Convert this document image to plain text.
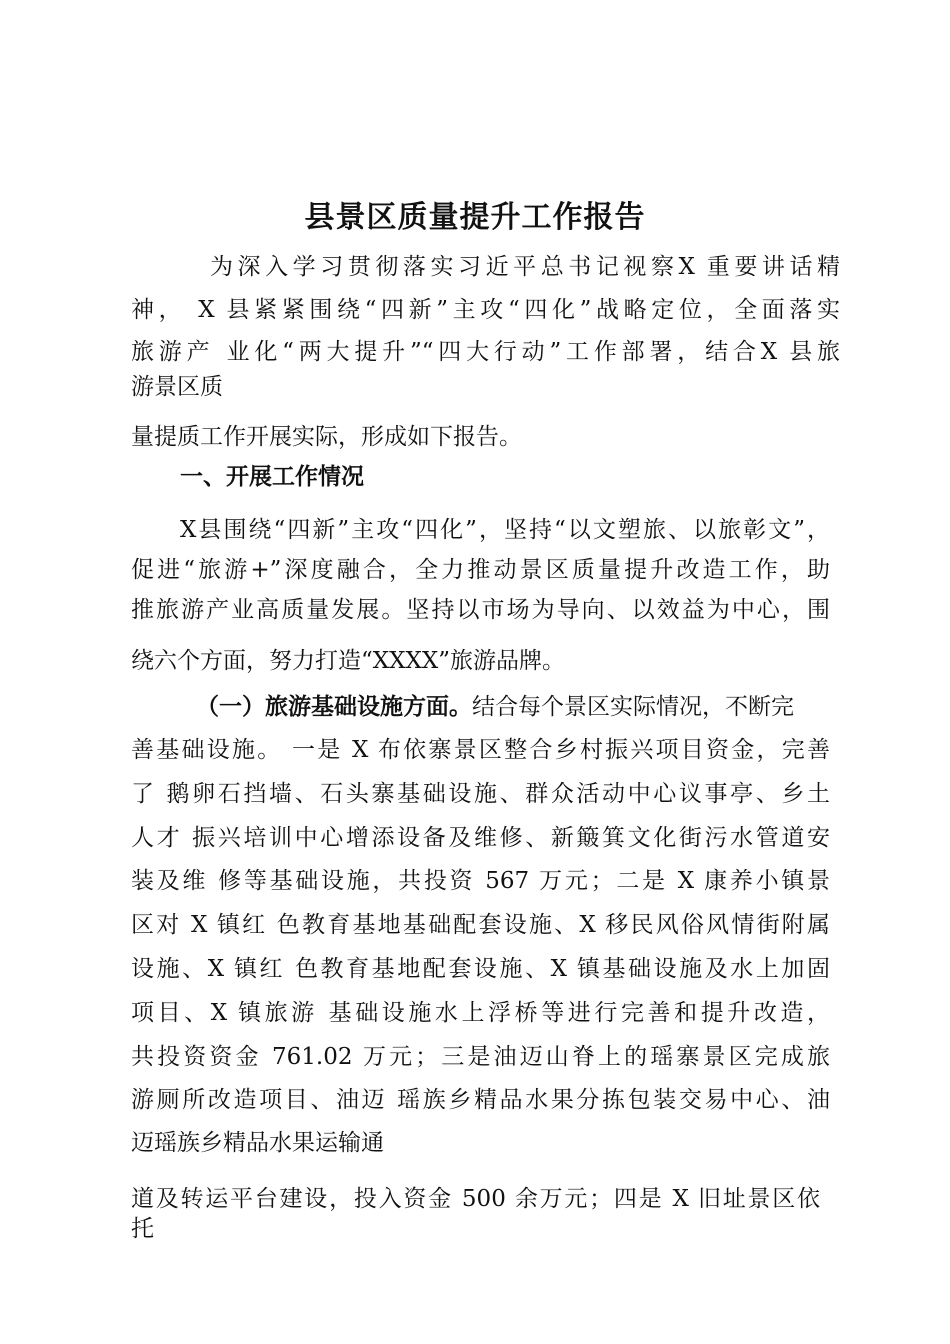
县景区质量提升工作报告
为深入学习贯彻落实习近平总书记视察X 重要讲话精
神， X 县紧紧围绕“四新”主攻“四化”战略定位，全面落实
旅游产 业化“两大提升”“四大行动”工作部署，结合X 县旅
游景区质
量提质工作开展实际，形成如下报告。
一、开展工作情况
X县围绕“四新”主攻“四化”，坚持“以文塑旅、以旅彰文”，
促进“旅游+”深度融合，全力推动景区质量提升改造工作，助
推旅游产业高质量发展。坚持以市场为导向、以效益为中心，围
绕六个方面，努力打造“XXXX”旅游品牌。
（一）旅游基础设施方面。结合每个景区实际情况，不断完
善基础设施。 一是 X 布依寨景区整合乡村振兴项目资金，完善
了 鹅卵石挡墙、石头寨基础设施、群众活动中心议事亭、乡土
人才 振兴培训中心增添设备及维修、新簸箕文化街污水管道安
装及维 修等基础设施，共投资 567 万元；二是 X 康养小镇景
区对 X 镇红 色教育基地基础配套设施、X 移民风俗风情街附属
设施、X 镇红 色教育基地配套设施、X 镇基础设施及水上加固
项目、X 镇旅游 基础设施水上浮桥等进行完善和提升改造，
共投资资金 761.02 万元；三是油迈山脊上的瑶寨景区完成旅
游厕所改造项目、油迈 瑶族乡精品水果分拣包装交易中心、油
迈瑶族乡精品水果运输通
道及转运平台建设，投入资金 500 余万元；四是 X 旧址景区依
托
